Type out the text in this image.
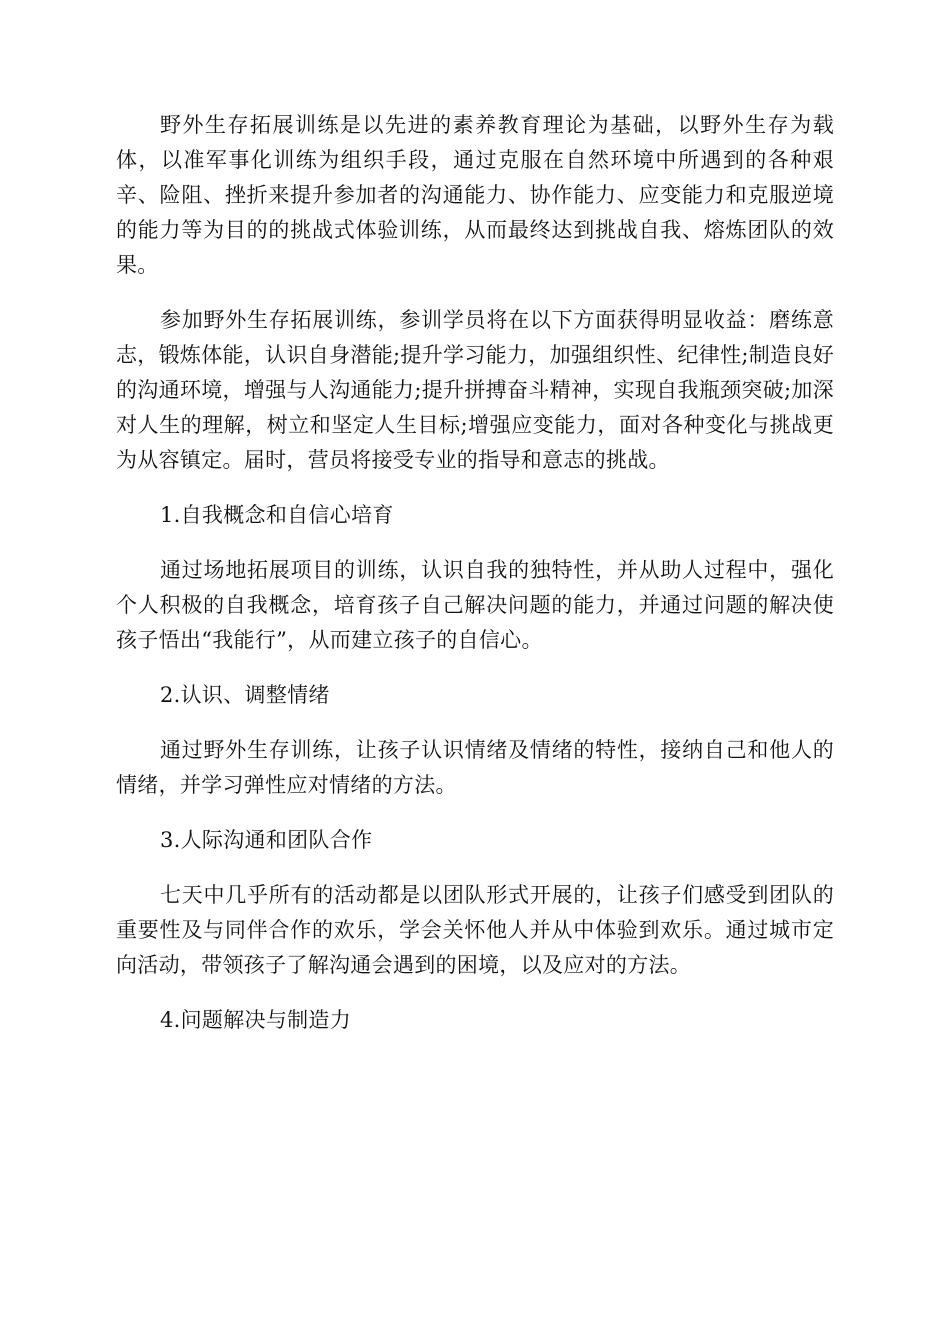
野外生存拓展训练是以先进的素养教育理论为基础，以野外生存为载体，以准军事化训练为组织手段，通过克服在自然环境中所遇到的各种艰辛、险阻、挫折来提升参加者的沟通能力、协作能力、应变能力和克服逆境的能力等为目的的挑战式体验训练，从而最终达到挑战自我、熔炼团队的效果。

参加野外生存拓展训练，参训学员将在以下方面获得明显收益：磨练意志，锻炼体能，认识自身潜能;提升学习能力，加强组织性、纪律性;制造良好的沟通环境，增强与人沟通能力;提升拼搏奋斗精神，实现自我瓶颈突破;加深对人生的理解，树立和坚定人生目标;增强应变能力，面对各种变化与挑战更为从容镇定。届时，营员将接受专业的指导和意志的挑战。

1.自我概念和自信心培育

通过场地拓展项目的训练，认识自我的独特性，并从助人过程中，强化个人积极的自我概念，培育孩子自己解决问题的能力，并通过问题的解决使孩子悟出“我能行”，从而建立孩子的自信心。

2.认识、调整情绪

通过野外生存训练，让孩子认识情绪及情绪的特性，接纳自己和他人的情绪，并学习弹性应对情绪的方法。

3.人际沟通和团队合作

七天中几乎所有的活动都是以团队形式开展的，让孩子们感受到团队的重要性及与同伴合作的欢乐，学会关怀他人并从中体验到欢乐。通过城市定向活动，带领孩子了解沟通会遇到的困境，以及应对的方法。

4.问题解决与制造力
